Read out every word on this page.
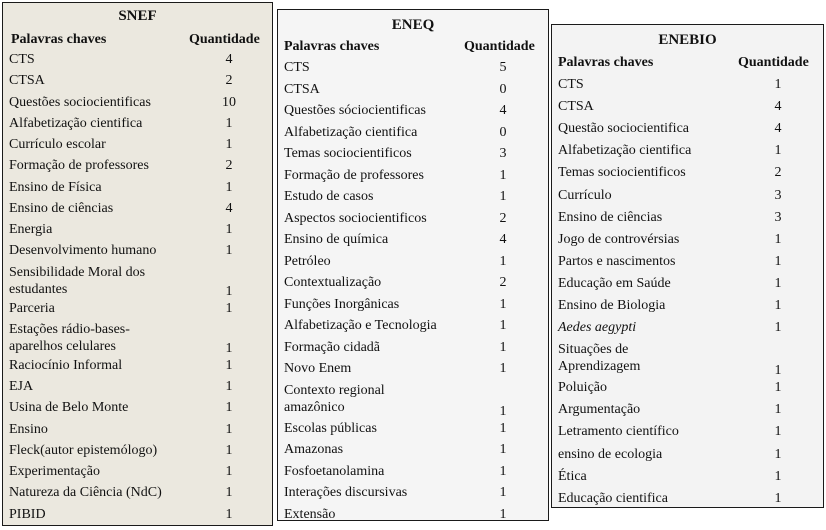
SNEF
Palavras chaves	Quantidade
CTS	4
CTSA	2
Questões sociocientificas	10
Alfabetização cientifica	1
Currículo escolar	1
Formação de professores	2
Ensino de Física	1
Ensino de ciências	4
Energia	1
Desenvolvimento humano	1
Sensibilidade Moral dos
estudantes	1
Parceria	1
Estações rádio-bases-
aparelhos celulares	1
Raciocínio Informal	1
EJA	1
Usina de Belo Monte	1
Ensino	1
Fleck(autor epistemólogo)	1
Experimentação	1
Natureza da Ciência (NdC)	1
PIBID	1
ENEQ
Palavras chaves	Quantidade
CTS	5
CTSA	0
Questões sóciocientificas	4
Alfabetização cientifica	0
Temas sociocientificos	3
Formação de professores	1
Estudo de casos	1
Aspectos sociocientificos	2
Ensino de química	4
Petróleo	1
Contextualização	2
Funções Inorgânicas	1
Alfabetização e Tecnologia	1
Formação cidadã	1
Novo Enem	1
Contexto regional
amazônico	1
Escolas públicas	1
Amazonas	1
Fosfoetanolamina	1
Interações discursivas	1
Extensão	1
ENEBIO
Palavras chaves	Quantidade
CTS	1
CTSA	4
Questão sociocientifica	4
Alfabetização cientifica	1
Temas sociocientificos	2
Currículo	3
Ensino de ciências	3
Jogo de controvérsias	1
Partos e nascimentos	1
Educação em Saúde	1
Ensino de Biologia	1
Aedes aegypti	1
Situações de
Aprendizagem	1
Poluição	1
Argumentação	1
Letramento científico	1
ensino de ecologia	1
Ética	1
Educação cientifica	1
